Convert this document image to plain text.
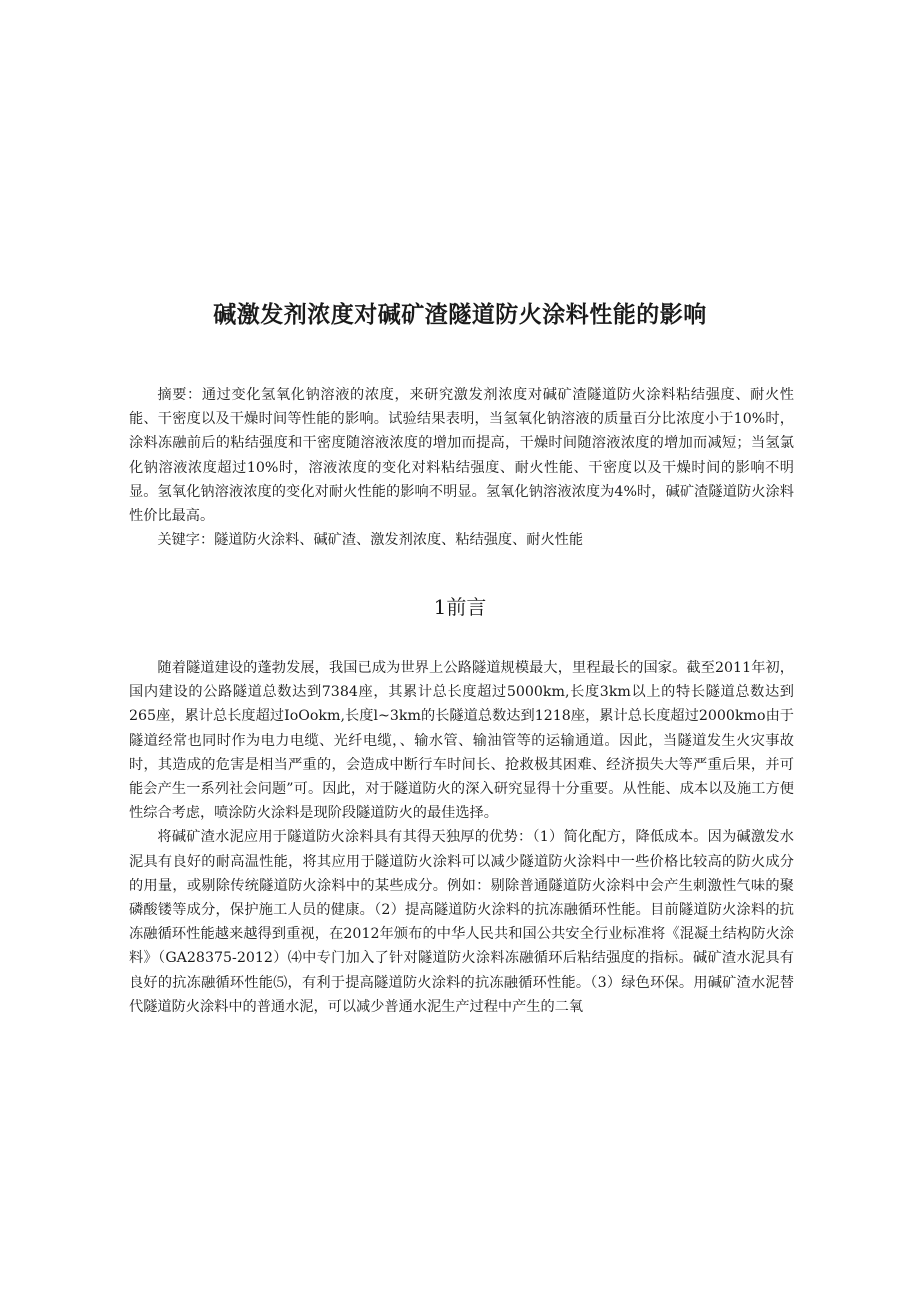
碱激发剂浓度对碱矿渣隧道防火涂料性能的影响

摘要：通过变化氢氧化钠溶液的浓度，来研究激发剂浓度对碱矿渣隧道防火涂料粘结强度、耐火性能、干密度以及干燥时间等性能的影响。试验结果表明，当氢氧化钠溶液的质量百分比浓度小于10%时，涂料冻融前后的粘结强度和干密度随溶液浓度的增加而提高，干燥时间随溶液浓度的增加而减短；当氢氯化钠溶液浓度超过10%时，溶液浓度的变化对料粘结强度、耐火性能、干密度以及干燥时间的影响不明显。氢氧化钠溶液浓度的变化对耐火性能的影响不明显。氢氧化钠溶液浓度为4%时，碱矿渣隧道防火涂料性价比最高。

关键字：隧道防火涂料、碱矿渣、激发剂浓度、粘结强度、耐火性能

1前言

随着隧道建设的蓬勃发展，我国已成为世界上公路隧道规模最大，里程最长的国家。截至2011年初，国内建设的公路隧道总数达到7384座，其累计总长度超过5000km,长度3km以上的特长隧道总数达到265座，累计总长度超过IoOokm,长度l~3km的长隧道总数达到1218座，累计总长度超过2000kmo由于隧道经常也同时作为电力电缆、光纤电缆，、输水管、输油管等的运输通道。因此，当隧道发生火灾事故时，其造成的危害是相当严重的，会造成中断行车时间长、抢救极其困难、经济损失大等严重后果，并可能会产生一系列社会问题”可。因此，对于隧道防火的深入研究显得十分重要。从性能、成本以及施工方便性综合考虑，喷涂防火涂料是现阶段隧道防火的最佳选择。

将碱矿渣水泥应用于隧道防火涂料具有其得天独厚的优势：（1）简化配方，降低成本。因为碱激发水泥具有良好的耐高温性能，将其应用于隧道防火涂料可以减少隧道防火涂料中一些价格比较高的防火成分的用量，或剔除传统隧道防火涂料中的某些成分。例如：剔除普通隧道防火涂料中会产生刺激性气味的聚磷酸镂等成分，保护施工人员的健康。（2）提高隧道防火涂料的抗冻融循环性能。目前隧道防火涂料的抗冻融循环性能越来越得到重视，在2012年颁布的中华人民共和国公共安全行业标准将《混凝土结构防火涂料》（GA28375-2012）⑷中专门加入了针对隧道防火涂料冻融循环后粘结强度的指标。碱矿渣水泥具有良好的抗冻融循环性能⑸，有利于提高隧道防火涂料的抗冻融循环性能。（3）绿色环保。用碱矿渣水泥替代隧道防火涂料中的普通水泥，可以减少普通水泥生产过程中产生的二氧
